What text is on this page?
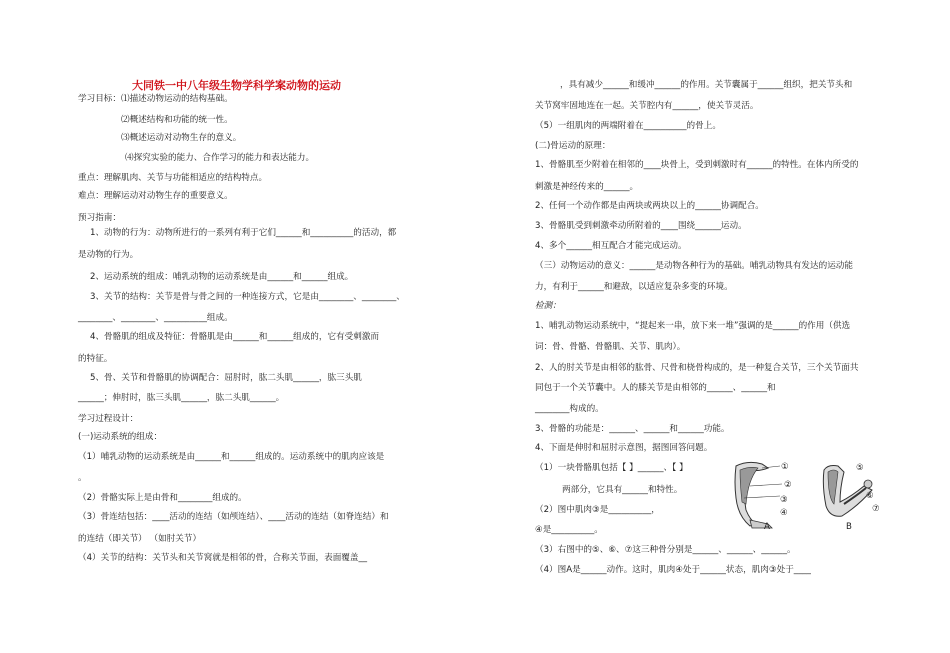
大同铁一中八年级生物学科学案动物的运动
学习目标：⑴描述动物运动的结构基础。
⑵概述结构和功能的统一性。
⑶概述运动对动物生存的意义。
⑷探究实验的能力、合作学习的能力和表达能力。
重点：理解肌肉、关节与功能相适应的结构特点。
难点：理解运动对动物生存的重要意义。
预习指南：
1、动物的行为：动物所进行的一系列有利于它们______和__________的活动，都
是动物的行为。
2、运动系统的组成：哺乳动物的运动系统是由______和______组成。
3、关节的结构：关节是骨与骨之间的一种连接方式，它是由________、________、
________、________、__________组成。
4、骨骼肌的组成及特征：骨骼肌是由______和______组成的，它有受刺激而
的特征。
5、骨、关节和骨骼肌的协调配合：屈肘时，肱二头肌______，肱三头肌
______；伸肘时，肱三头肌______，肱二头肌______。
学习过程设计：
(一)运动系统的组成：
（1）哺乳动物的运动系统是由______和______组成的。运动系统中的肌肉应该是
。
（2）骨骼实际上是由骨和________组成的。
（3）骨连结包括：____活动的连结（如颅连结）、____活动的连结（如脊连结）和
的连结（即关节） （如肘关节）
（4）关节的结构：关节头和关节窝就是相邻的骨，合称关节面，表面覆盖__
，具有减少______和缓冲______的作用。关节囊属于______组织，把关节头和
关节窝牢固地连在一起。关节腔内有______，使关节灵活。
（5）一组肌肉的两端附着在__________的骨上。
(二)骨运动的原理：
1、骨骼肌至少附着在相邻的____块骨上，受到刺激时有______的特性。在体内所受的
刺激是神经传来的______。
2、任何一个动作都是由两块或两块以上的______协调配合。
3、骨骼肌受到刺激牵动所附着的____围绕______运动。
4、多个______相互配合才能完成运动。
（三）动物运动的意义：______是动物各种行为的基础。哺乳动物具有发达的运动能
力，有利于______和避敌，以适应复杂多变的环境。
检测：
1、哺乳动物运动系统中，“提起来一串，放下来一堆”强调的是______的作用（供选
词：骨、骨骼、骨骼肌、关节、肌肉）。
2、人的肘关节是由相邻的肱骨、尺骨和桡骨构成的，是一种复合关节，三个关节面共
同包于一个关节囊中。人的膝关节是由相邻的______、______和
________构成的。
3、骨骼的功能是：______、______和______功能。
4、下面是伸肘和屈肘示意图，据图回答问题。
（1）一块骨骼肌包括【 】______、【 】
两部分，它具有______和特性。
（2）图中肌肉③是__________，
④是__________。
（3）右图中的⑤、⑥、⑦这三种骨分别是______、______、______。
（4）图A是______动作。这时，肌肉④处于______状态，肌肉③处于____
①
②
③
④
A
⑤
⑥
⑦
B
